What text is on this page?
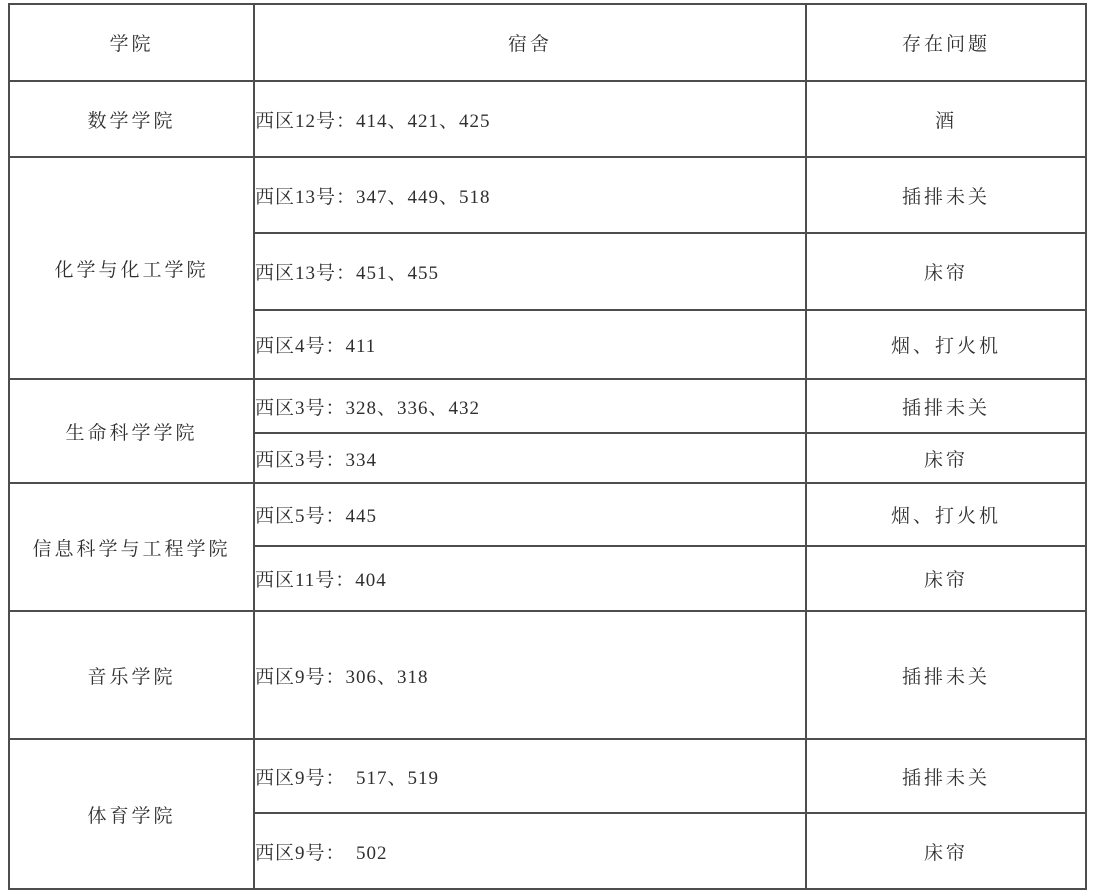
学院	宿舍	存在问题
数学学院	西区12号：414、421、425	酒
化学与化工学院	西区13号：347、449、518	插排未关
	西区13号：451、455	床帘
	西区4号：411	烟、打火机
生命科学学院	西区3号：328、336、432	插排未关
	西区3号：334	床帘
信息科学与工程学院	西区5号：445	烟、打火机
	西区11号：404	床帘
音乐学院	西区9号：306、318	插排未关
体育学院	西区9号：　517、519	插排未关
	西区9号：　502	床帘
